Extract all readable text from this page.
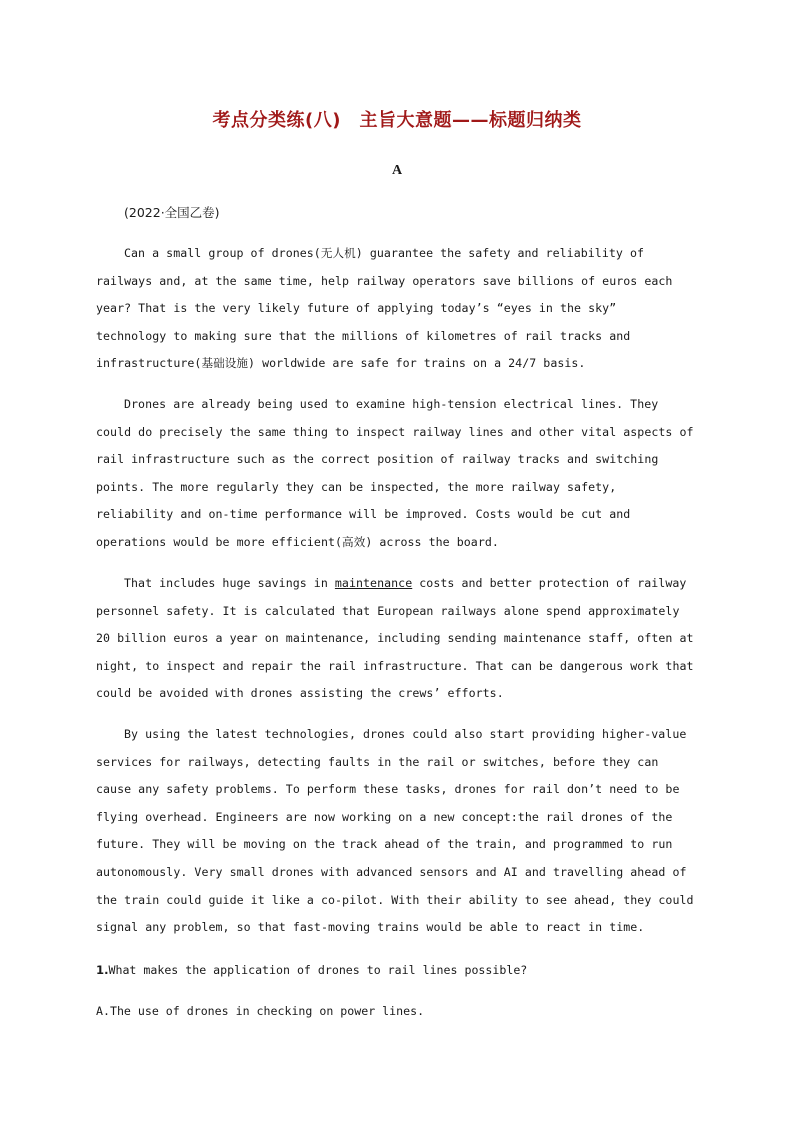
考点分类练(八)　主旨大意题——标题归纳类
A
(2022·全国乙卷)
Can a small group of drones(无人机) guarantee the safety and reliability of
railways and, at the same time, help railway operators save billions of euros each
year? That is the very likely future of applying today’s “eyes in the sky”
technology to making sure that the millions of kilometres of rail tracks and
infrastructure(基础设施) worldwide are safe for trains on a 24/7 basis.
Drones are already being used to examine high-tension electrical lines. They
could do precisely the same thing to inspect railway lines and other vital aspects of
rail infrastructure such as the correct position of railway tracks and switching
points. The more regularly they can be inspected, the more railway safety,
reliability and on-time performance will be improved. Costs would be cut and
operations would be more efficient(高效) across the board.
That includes huge savings in maintenance costs and better protection of railway
personnel safety. It is calculated that European railways alone spend approximately
20 billion euros a year on maintenance, including sending maintenance staff, often at
night, to inspect and repair the rail infrastructure. That can be dangerous work that
could be avoided with drones assisting the crews’ efforts.
By using the latest technologies, drones could also start providing higher-value
services for railways, detecting faults in the rail or switches, before they can
cause any safety problems. To perform these tasks, drones for rail don’t need to be
flying overhead. Engineers are now working on a new concept:the rail drones of the
future. They will be moving on the track ahead of the train, and programmed to run
autonomously. Very small drones with advanced sensors and AI and travelling ahead of
the train could guide it like a co-pilot. With their ability to see ahead, they could
signal any problem, so that fast-moving trains would be able to react in time.
1.What makes the application of drones to rail lines possible?
A.The use of drones in checking on power lines.
